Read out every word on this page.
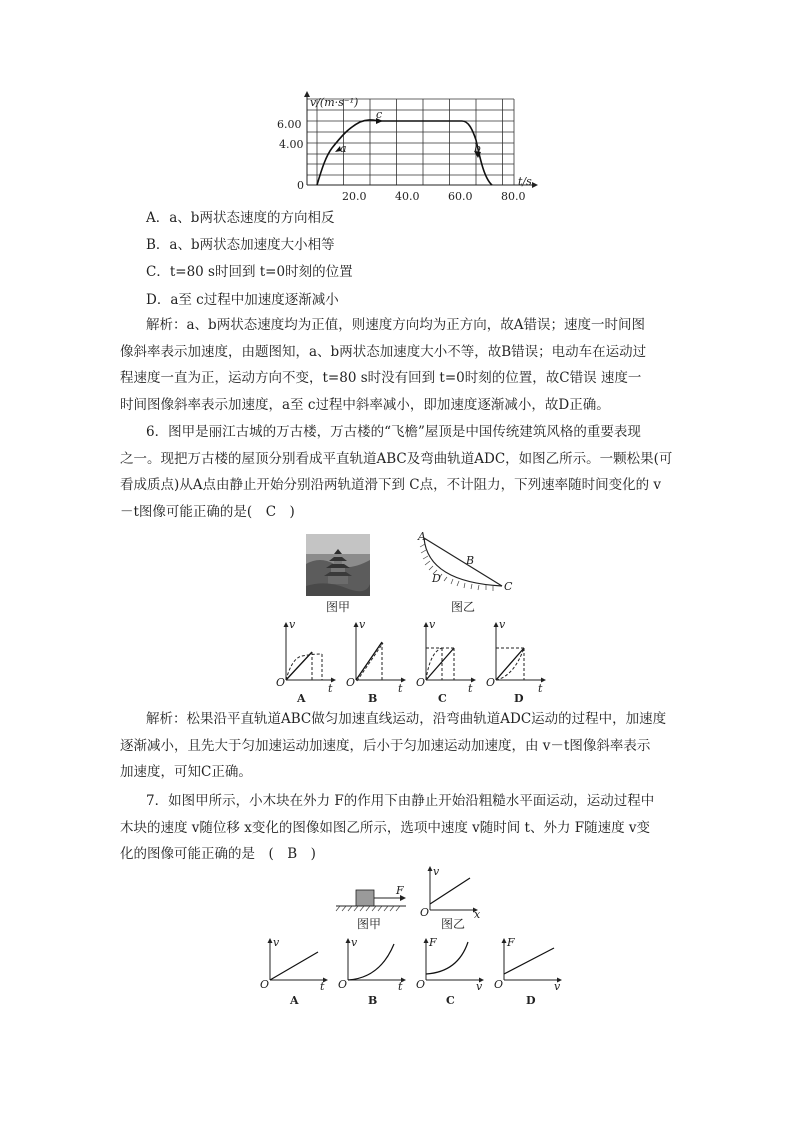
v/(m·s⁻¹)
t/s
6.00
4.00
0
20.0	40.0	60.0	80.0
a
c
b
A．a、b两状态速度的方向相反
B．a、b两状态加速度大小相等
C．t=80 s时回到 t=0时刻的位置
D．a至 c过程中加速度逐渐减小
解析：a、b两状态速度均为正值，则速度方向均为正方向，故A错误；速度一时间图
像斜率表示加速度，由题图知，a、b两状态加速度大小不等，故B错误；电动车在运动过
程速度一直为正，运动方向不变，t=80 s时没有回到 t=0时刻的位置，故C错误 速度一
时间图像斜率表示加速度，a至 c过程中斜率减小，即加速度逐渐减小，故D正确。
6．图甲是丽江古城的万古楼，万古楼的“飞檐”屋顶是中国传统建筑风格的重要表现
之一。现把万古楼的屋顶分别看成平直轨道ABC及弯曲轨道ADC，如图乙所示。一颗松果(可
看成质点)从A点由静止开始分别沿两轨道滑下到 C点，不计阻力，下列速率随时间变化的 v
－t图像可能正确的是(　C　)
图甲
A
B
C
D
图乙
v
t
O
A
v
t
O
B
v
t
O
C
v
t
O
D
解析：松果沿平直轨道ABC做匀加速直线运动，沿弯曲轨道ADC运动的过程中，加速度
逐渐减小，且先大于匀加速运动加速度，后小于匀加速运动加速度，由 v－t图像斜率表示
加速度，可知C正确。
7．如图甲所示，小木块在外力 F的作用下由静止开始沿粗糙水平面运动，运动过程中
木块的速度 v随位移 x变化的图像如图乙所示，选项中速度 v随时间 t、外力 F随速度 v变
化的图像可能正确的是　(　B　)
F
图甲
v
x
O
图乙
v
t
O
A
v
t
O
B
F
v
O
C
F
v
O
D
